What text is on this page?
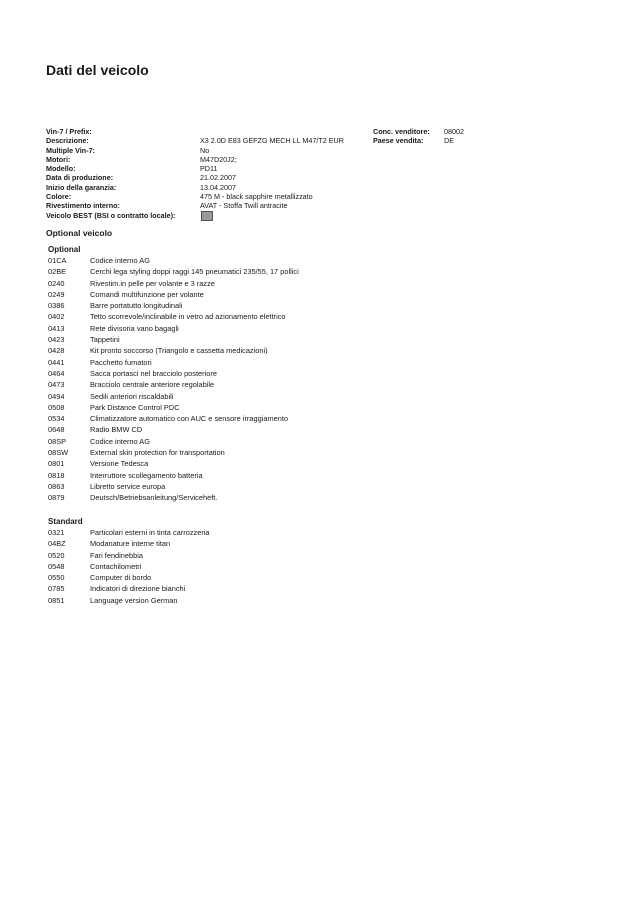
Dati del veicolo
Vin-7 / Prefix:
Descrizione:	X3 2.0D E83 GEFZG MECH LL M47/T2 EUR
Multiple Vin-7:	No
Motori:	M47D20J2;
Modello:	PD11
Data di produzione:	21.02.2007
Inizio della garanzia:	13.04.2007
Colore:	475 M - black sapphire metallizzato
Rivestimento interno:	AVAT - Stoffa Twill antracite
Veicolo BEST (BSI o contratto locale):
Conc. venditore: 08002
Paese vendita:	DE
Optional veicolo
Optional
01CA	Codice interno AG
02BE	Cerchi lega styling doppi raggi 145 pneumatici 235/55, 17 pollici
0240	Rivestim.in pelle per volante e 3 razze
0249	Comandi multifunzione per volante
0386	Barre portatutto longitudinali
0402	Tetto scorrevole/inclinabile in vetro ad azionamento elettrico
0413	Rete divisoria vano bagagli
0423	Tappetini
0428	Kit pronto soccorso (Triangolo e cassetta medicazioni)
0441	Pacchetto fumatori
0464	Sacca portasci nel bracciolo posteriore
0473	Bracciolo centrale anteriore regolabile
0494	Sedili anteriori riscaldabili
0508	Park Distance Control PDC
0534	Climatizzatore automatico con AUC e sensore irraggiamento
0648	Radio BMW CD
08SP	Codice interno AG
08SW	External skin protection for transportation
0801	Versione Tedesca
0818	Interruttore scollegamento batteria
0863	Libretto service europa
0879	Deutsch/Betriebsanleitung/Serviceheft.
Standard
0321	Particolari esterni in tinta carrozzeria
04BZ	Modanature interne titan
0520	Fari fendinebbia
0548	Contachilometri
0550	Computer di bordo
0785	Indicatori di direzione bianchi
0851	Language version German
